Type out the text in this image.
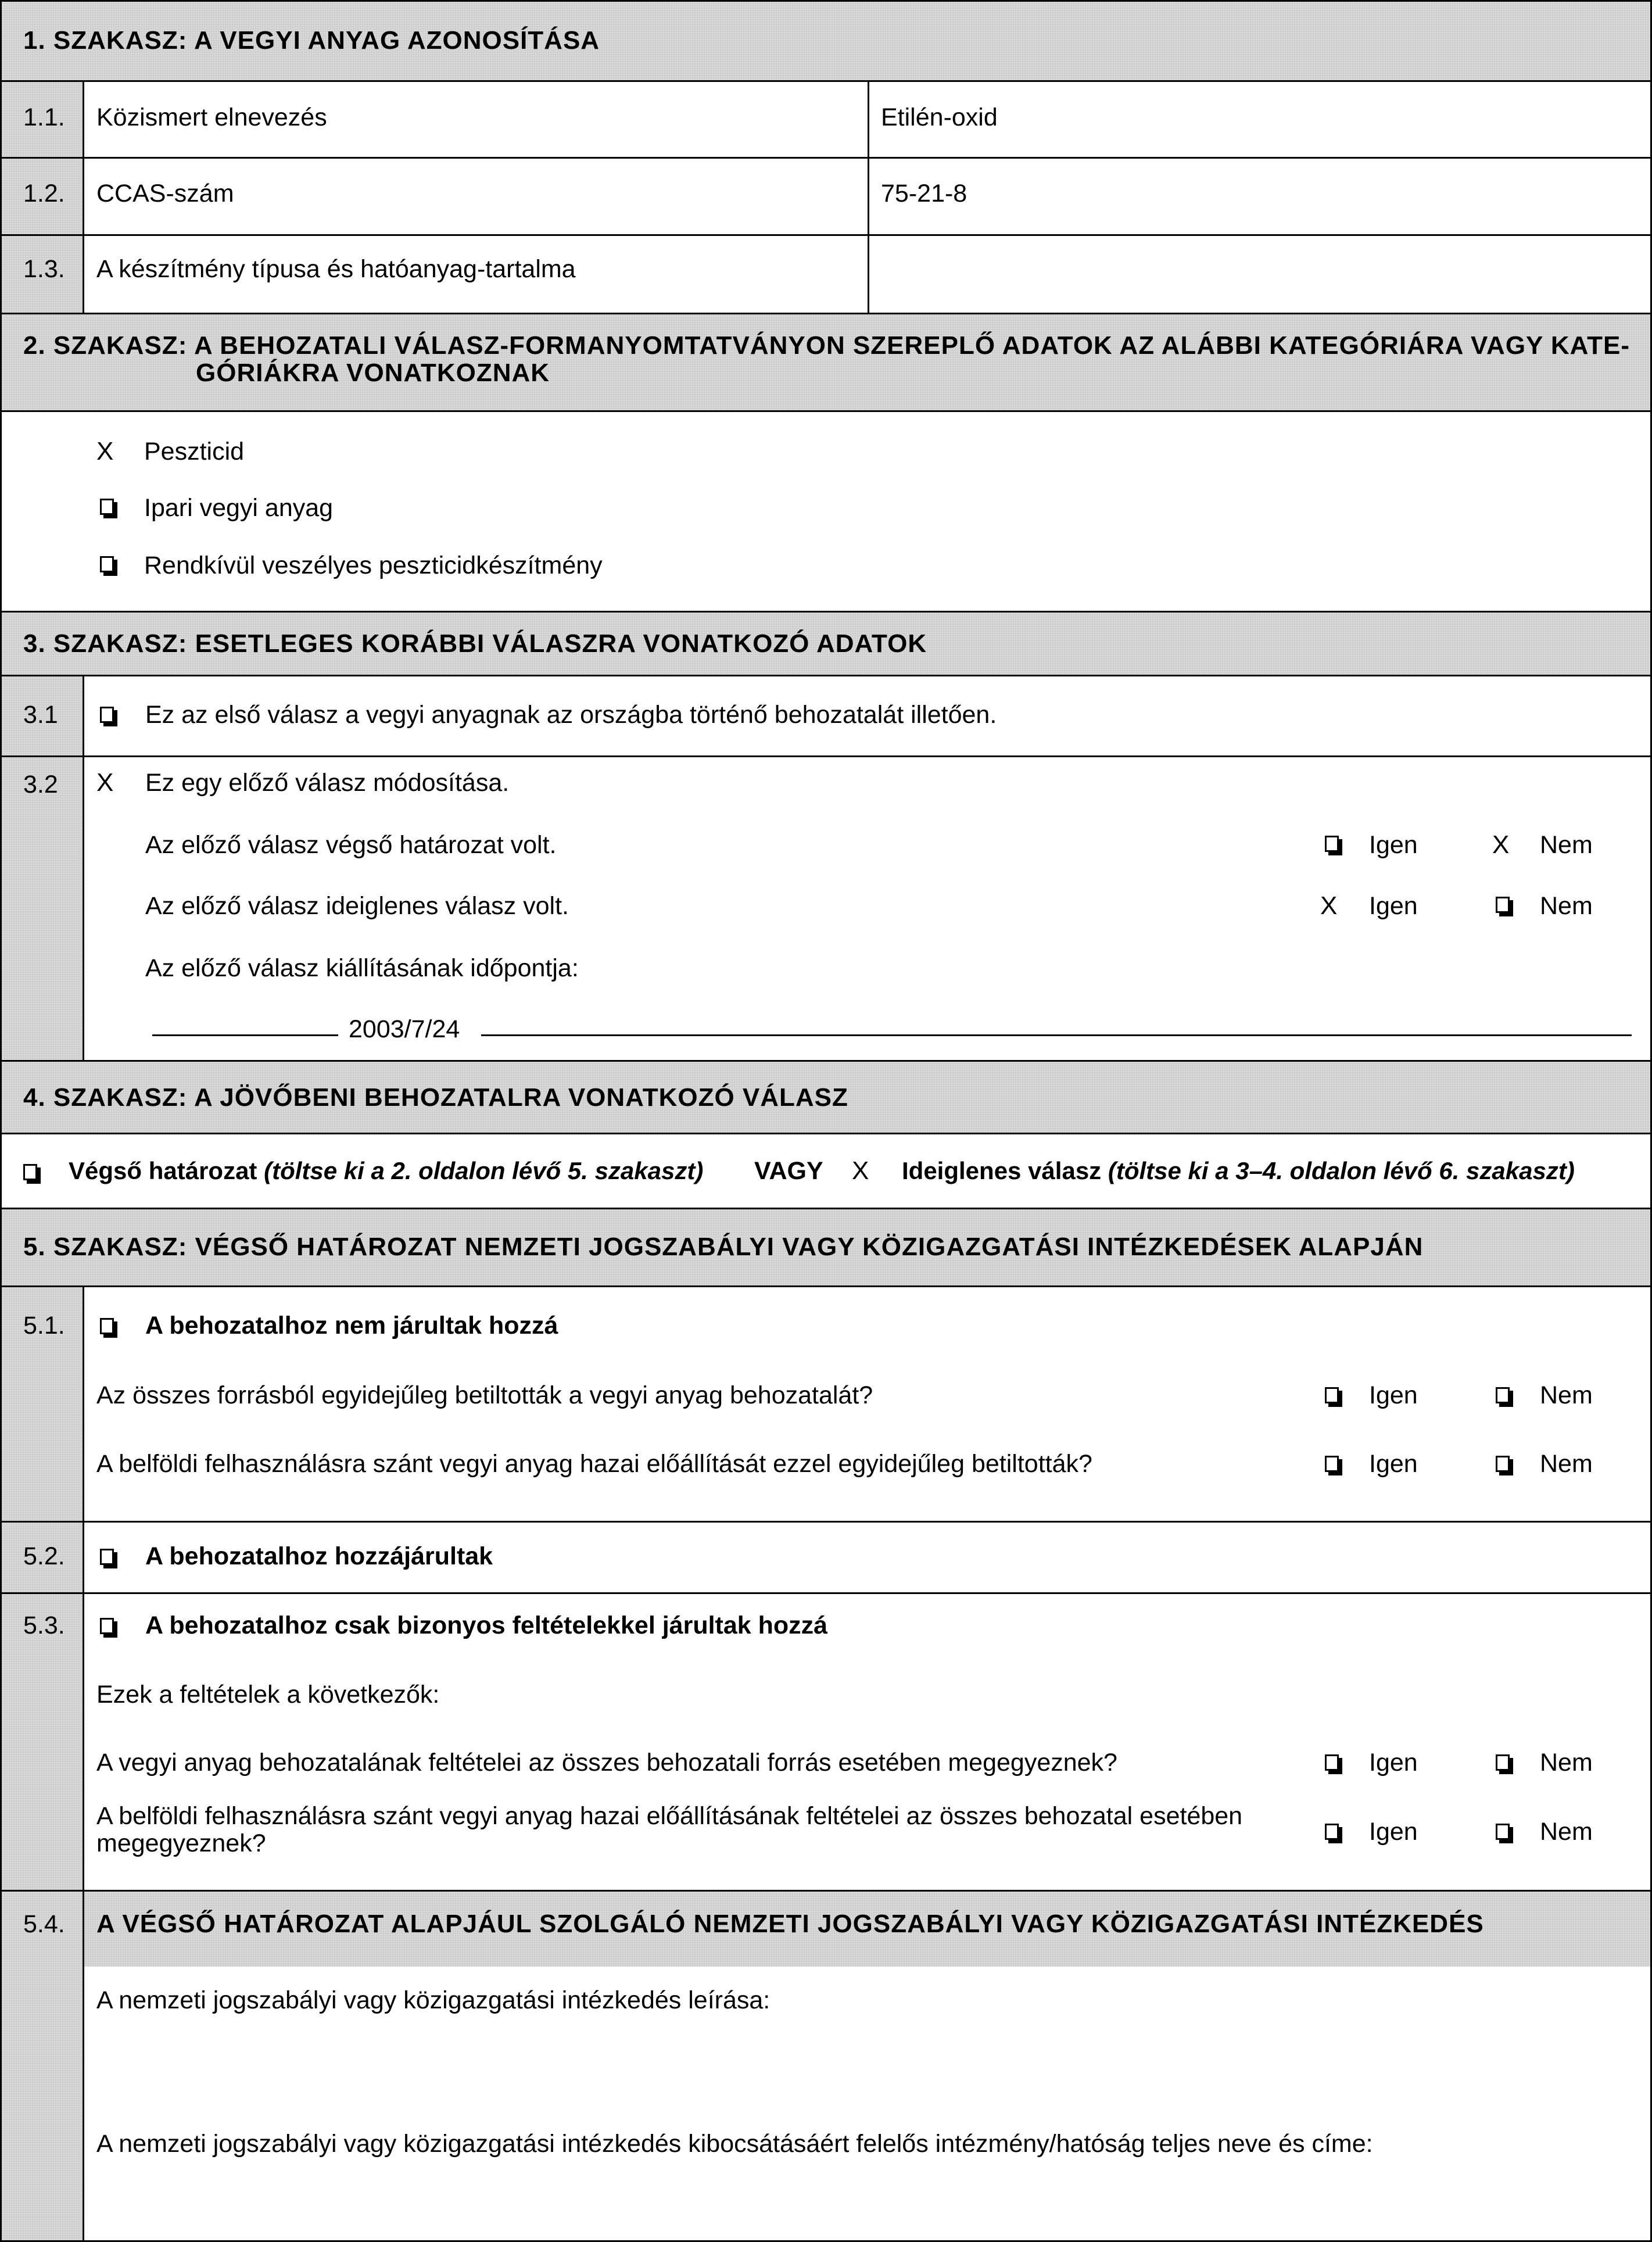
1. SZAKASZ: A VEGYI ANYAG AZONOSÍTÁSA
1.1. Közismert elnevezés	Etilén-oxid
1.2. CCAS-szám	75-21-8
1.3. A készítmény típusa és hatóanyag-tartalma
2. SZAKASZ: A BEHOZATALI VÁLASZ-FORMANYOMTATVÁNYON SZEREPLŐ ADATOK AZ ALÁBBI KATEGÓRIÁRA VAGY KATE-
GÓRIÁKRA VONATKOZNAK
X Peszticid
Ipari vegyi anyag
Rendkívül veszélyes peszticidkészítmény
3. SZAKASZ: ESETLEGES KORÁBBI VÁLASZRA VONATKOZÓ ADATOK
3.1	Ez az első válasz a vegyi anyagnak az országba történő behozatalát illetően.
3.2 X Ez egy előző válasz módosítása.
Az előző válasz végső határozat volt.	Igen	X Nem
Az előző válasz ideiglenes válasz volt.	X Igen	Nem
Az előző válasz kiállításának időpontja:
2003/7/24
4. SZAKASZ: A JÖVŐBENI BEHOZATALRA VONATKOZÓ VÁLASZ
Végső határozat (töltse ki a 2. oldalon lévő 5. szakaszt) VAGY X Ideiglenes válasz (töltse ki a 3–4. oldalon lévő 6. szakaszt)
5. SZAKASZ: VÉGSŐ HATÁROZAT NEMZETI JOGSZABÁLYI VAGY KÖZIGAZGATÁSI INTÉZKEDÉSEK ALAPJÁN
5.1.	A behozatalhoz nem járultak hozzá
Az összes forrásból egyidejűleg betiltották a vegyi anyag behozatalát?	Igen	Nem
A belföldi felhasználásra szánt vegyi anyag hazai előállítását ezzel egyidejűleg betiltották?	Igen	Nem
5.2.	A behozatalhoz hozzájárultak
5.3.	A behozatalhoz csak bizonyos feltételekkel járultak hozzá
Ezek a feltételek a következők:
A vegyi anyag behozatalának feltételei az összes behozatali forrás esetében megegyeznek?	Igen	Nem
A belföldi felhasználásra szánt vegyi anyag hazai előállításának feltételei az összes behozatal esetében
megegyeznek?	Igen	Nem
5.4. A VÉGSŐ HATÁROZAT ALAPJÁUL SZOLGÁLÓ NEMZETI JOGSZABÁLYI VAGY KÖZIGAZGATÁSI INTÉZKEDÉS
A nemzeti jogszabályi vagy közigazgatási intézkedés leírása:
A nemzeti jogszabályi vagy közigazgatási intézkedés kibocsátásáért felelős intézmény/hatóság teljes neve és címe:
